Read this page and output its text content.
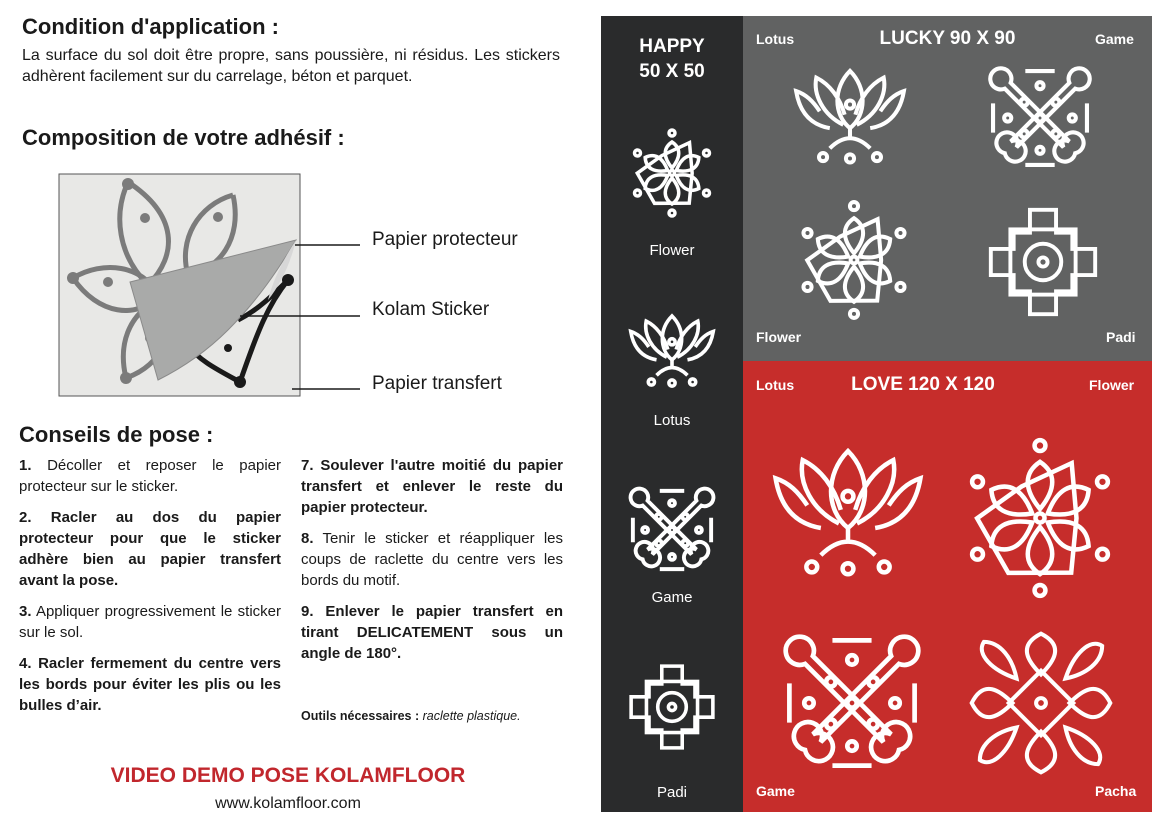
Condition d'application :
La surface du sol doit être propre, sans poussière, ni résidus. Les stickers adhèrent facilement sur du carrelage, béton et parquet.
Composition de votre adhésif :
Papier protecteur
Kolam Sticker
Papier transfert
Conseils de pose :
1. Décoller et reposer le papier protecteur sur le sticker.
2. Racler au dos du papier protecteur pour que le sticker adhère bien au papier transfert avant la pose.
3. Appliquer progressivement le sticker sur le sol.
4. Racler fermement du centre vers les bords pour éviter les plis ou les bulles d’air.
7. Soulever l'autre moitié du papier transfert et enlever le reste du papier protecteur.
8. Tenir le sticker et réappliquer les coups de raclette du centre vers les bords du motif.
9. Enlever le papier transfert en tirant DELICATEMENT sous un angle de 180°.
Outils nécessaires : raclette plastique.
VIDEO DEMO POSE KOLAMFLOOR
www.kolamfloor.com
HAPPY
50 X 50
Flower
Lotus
Game
Padi
Lotus	LUCKY 90 X 90	Game
Flower	Padi
Lotus	LOVE 120 X 120	Flower
Game	Pacha
